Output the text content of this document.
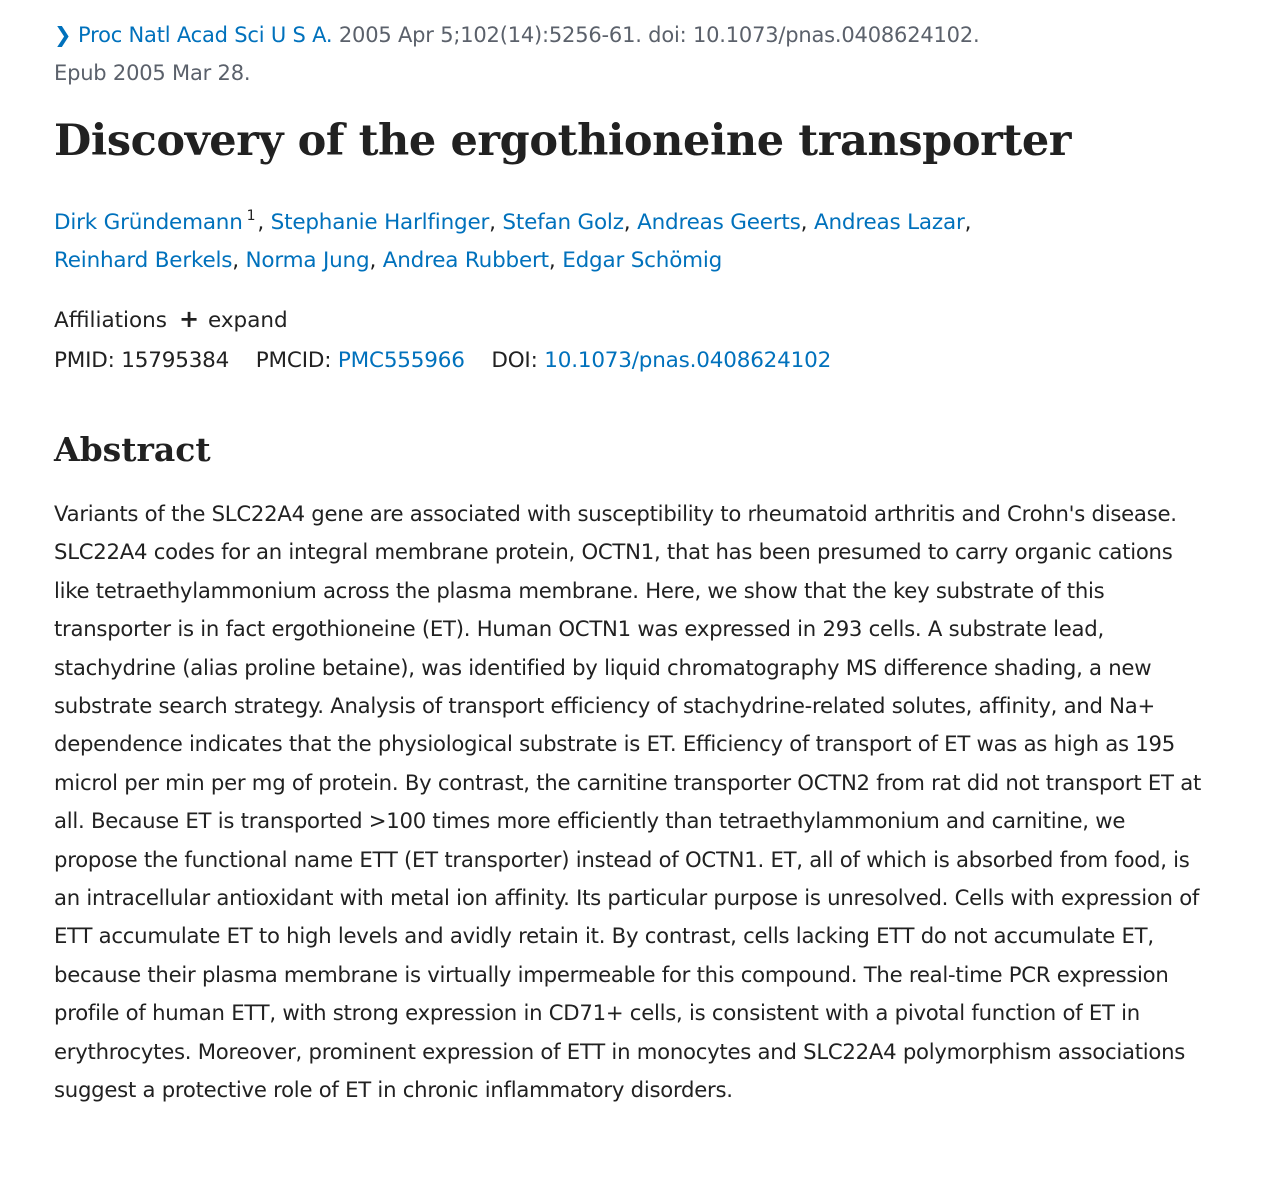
❯ Proc Natl Acad Sci U S A. 2005 Apr 5;102(14):5256-61. doi: 10.1073/pnas.0408624102.
Epub 2005 Mar 28.
Discovery of the ergothioneine transporter
Dirk Gründemann $^1$, Stephanie Harlfinger, Stefan Golz, Andreas Geerts, Andreas Lazar,
Reinhard Berkels, Norma Jung, Andrea Rubbert, Edgar Schömig
Affiliations + expand
PMID: 15795384 PMCID: PMC555966 DOI: 10.1073/pnas.0408624102
Abstract
Variants of the SLC22A4 gene are associated with susceptibility to rheumatoid arthritis and Crohn's disease. SLC22A4 codes for an integral membrane protein, OCTN1, that has been presumed to carry organic cations like tetraethylammonium across the plasma membrane. Here, we show that the key substrate of this transporter is in fact ergothioneine (ET). Human OCTN1 was expressed in 293 cells. A substrate lead, stachydrine (alias proline betaine), was identified by liquid chromatography MS difference shading, a new substrate search strategy. Analysis of transport efficiency of stachydrine-related solutes, affinity, and Na+ dependence indicates that the physiological substrate is ET. Efficiency of transport of ET was as high as 195 microl per min per mg of protein. By contrast, the carnitine transporter OCTN2 from rat did not transport ET at all. Because ET is transported >100 times more efficiently than tetraethylammonium and carnitine, we propose the functional name ETT (ET transporter) instead of OCTN1. ET, all of which is absorbed from food, is an intracellular antioxidant with metal ion affinity. Its particular purpose is unresolved. Cells with expression of ETT accumulate ET to high levels and avidly retain it. By contrast, cells lacking ETT do not accumulate ET, because their plasma membrane is virtually impermeable for this compound. The real-time PCR expression profile of human ETT, with strong expression in CD71+ cells, is consistent with a pivotal function of ET in erythrocytes. Moreover, prominent expression of ETT in monocytes and SLC22A4 polymorphism associations suggest a protective role of ET in chronic inflammatory disorders.
